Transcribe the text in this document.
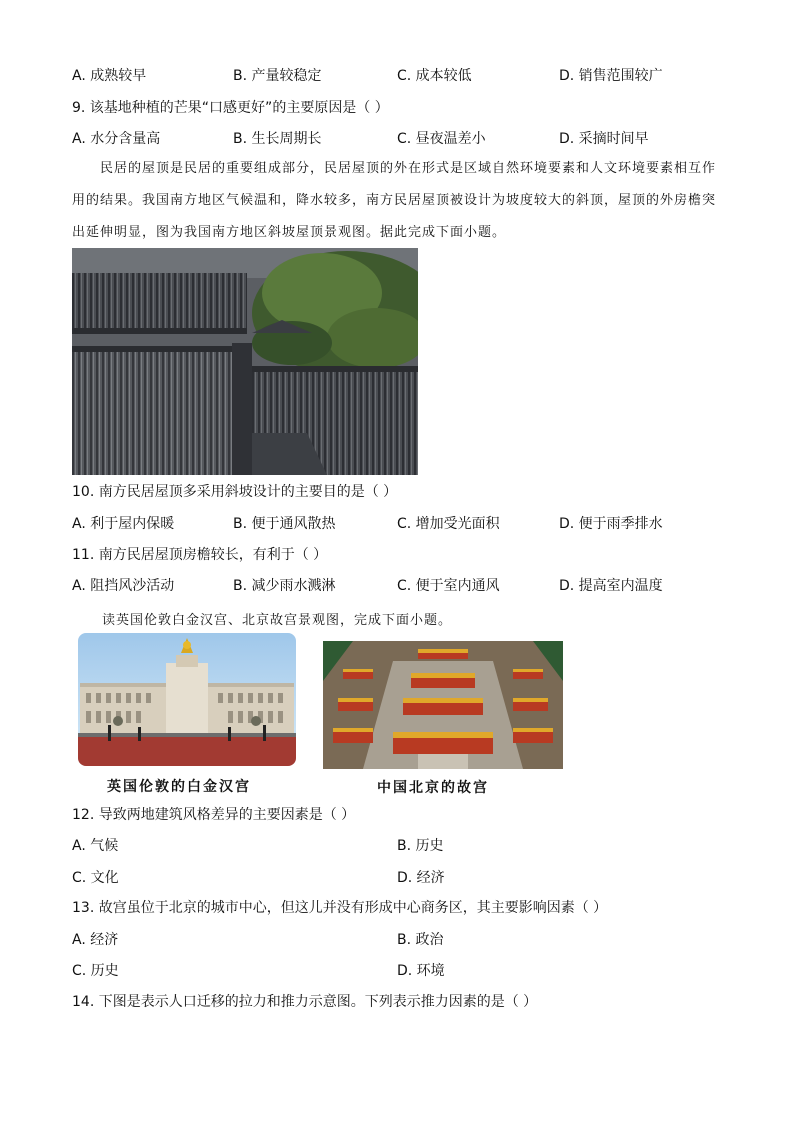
A. 成熟较早	B. 产量较稳定	C. 成本较低	D. 销售范围较广
9. 该基地种植的芒果“口感更好”的主要原因是（ ）
A. 水分含量高	B. 生长周期长	C. 昼夜温差小	D. 采摘时间早
民居的屋顶是民居的重要组成部分，民居屋顶的外在形式是区域自然环境要素和人文环境要素相互作用的结果。我国南方地区气候温和，降水较多，南方民居屋顶被设计为坡度较大的斜顶，屋顶的外房檐突出延伸明显，图为我国南方地区斜坡屋顶景观图。据此完成下面小题。
10. 南方民居屋顶多采用斜坡设计的主要目的是（ ）
A. 利于屋内保暖	B. 便于通风散热	C. 增加受光面积	D. 便于雨季排水
11. 南方民居屋顶房檐较长，有利于（ ）
A. 阻挡风沙活动	B. 减少雨水溅淋	C. 便于室内通风	D. 提高室内温度
读英国伦敦白金汉宫、北京故宫景观图，完成下面小题。
英国伦敦的白金汉宫	中国北京的故宫
12. 导致两地建筑风格差异的主要因素是（ ）
A. 气候	B. 历史
C. 文化	D. 经济
13. 故宫虽位于北京的城市中心，但这儿并没有形成中心商务区，其主要影响因素（ ）
A. 经济	B. 政治
C. 历史	D. 环境
14. 下图是表示人口迁移的拉力和推力示意图。下列表示推力因素的是（ ）
